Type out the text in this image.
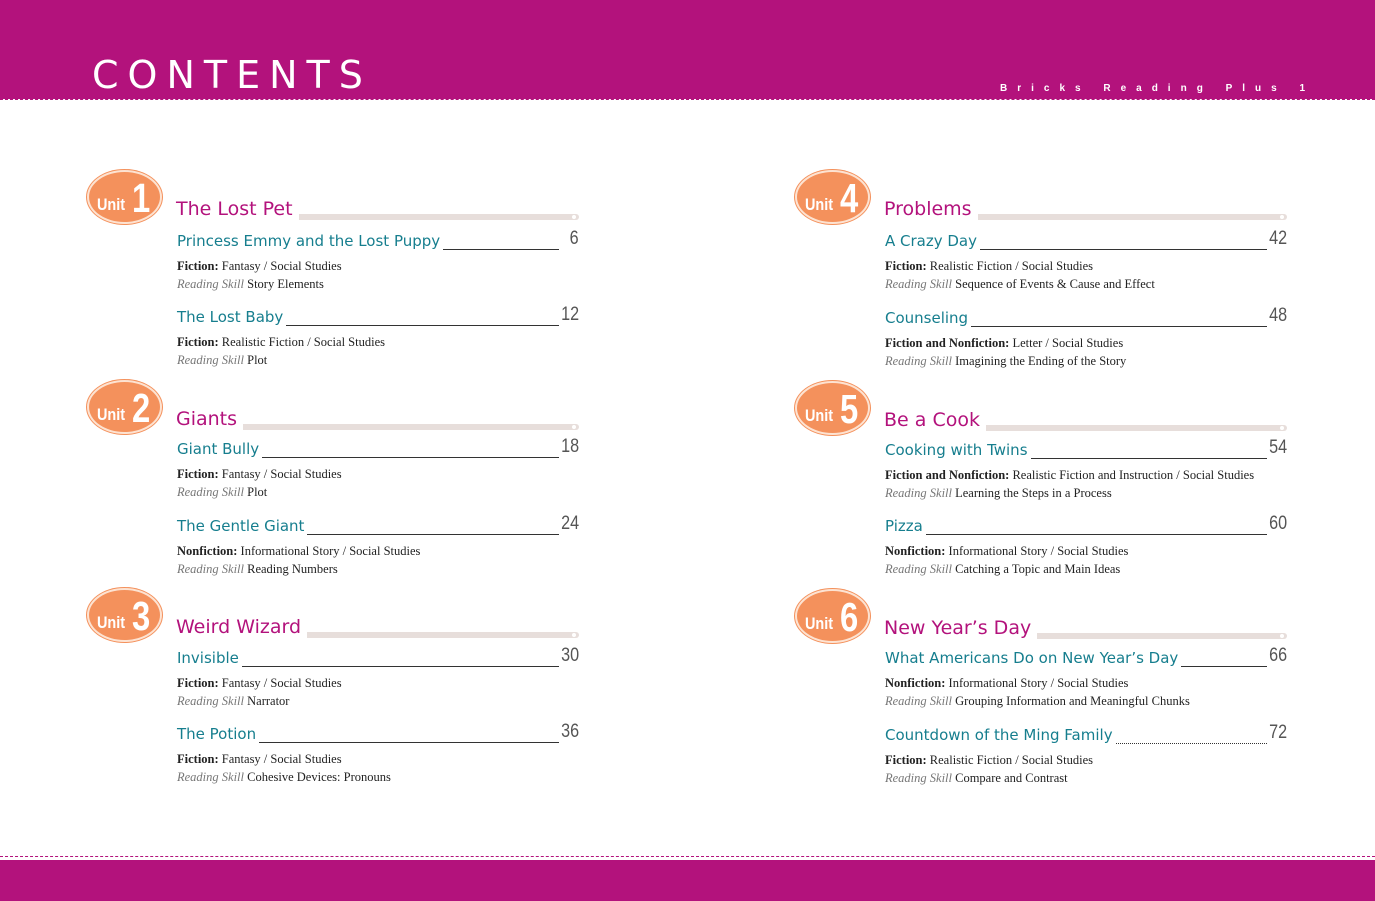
CONTENTS	Bricks Reading Plus 1
Unit 1 The Lost Pet
Princess Emmy and the Lost Puppy	6
Fiction: Fantasy / Social Studies
Reading Skill Story Elements
The Lost Baby	12
Fiction: Realistic Fiction / Social Studies
Reading Skill Plot
Unit 2 Giants
Giant Bully	18
Fiction: Fantasy / Social Studies
Reading Skill Plot
The Gentle Giant	24
Nonfiction: Informational Story / Social Studies
Reading Skill Reading Numbers
Unit 3 Weird Wizard
Invisible	30
Fiction: Fantasy / Social Studies
Reading Skill Narrator
The Potion	36
Fiction: Fantasy / Social Studies
Reading Skill Cohesive Devices: Pronouns
Unit 4 Problems
A Crazy Day	42
Fiction: Realistic Fiction / Social Studies
Reading Skill Sequence of Events & Cause and Effect
Counseling	48
Fiction and Nonfiction: Letter / Social Studies
Reading Skill Imagining the Ending of the Story
Unit 5 Be a Cook
Cooking with Twins	54
Fiction and Nonfiction: Realistic Fiction and Instruction / Social Studies
Reading Skill Learning the Steps in a Process
Pizza	60
Nonfiction: Informational Story / Social Studies
Reading Skill Catching a Topic and Main Ideas
Unit 6 New Year’s Day
What Americans Do on New Year’s Day	66
Nonfiction: Informational Story / Social Studies
Reading Skill Grouping Information and Meaningful Chunks
Countdown of the Ming Family	72
Fiction: Realistic Fiction / Social Studies
Reading Skill Compare and Contrast
